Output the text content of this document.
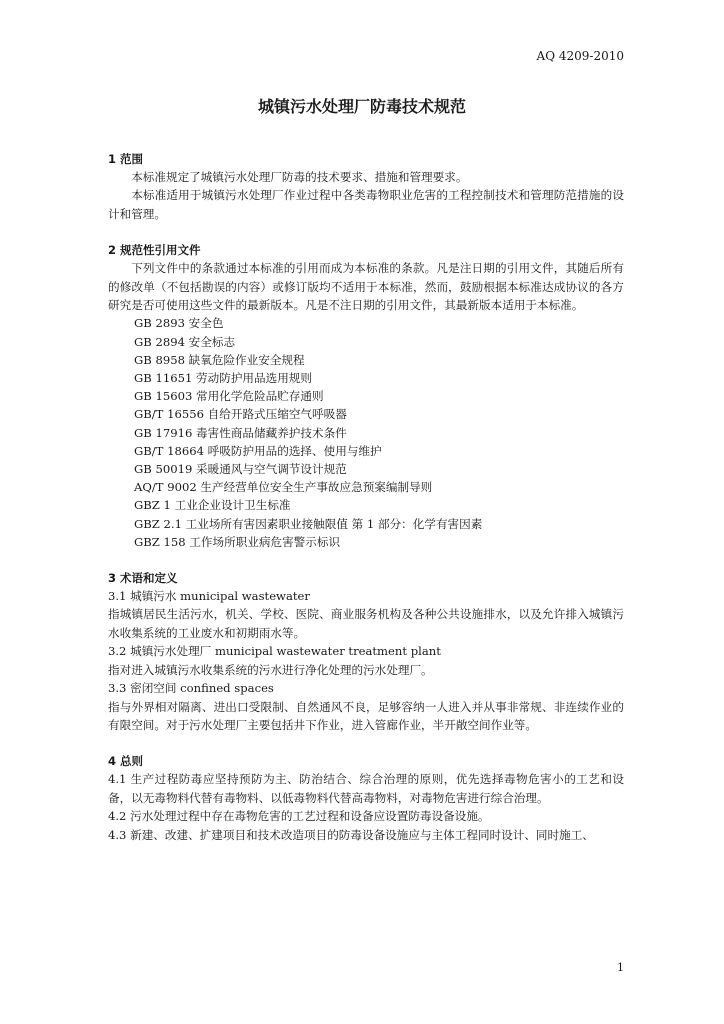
AQ 4209-2010
城镇污水处理厂防毒技术规范

1 范围

本标准规定了城镇污水处理厂防毒的技术要求、措施和管理要求。

本标准适用于城镇污水处理厂作业过程中各类毒物职业危害的工程控制技术和管理防范措施的设计和管理。

2 规范性引用文件

下列文件中的条款通过本标准的引用而成为本标准的条款。凡是注日期的引用文件，其随后所有的修改单（不包括勘误的内容）或修订版均不适用于本标准，然而，鼓励根据本标准达成协议的各方研究是否可使用这些文件的最新版本。凡是不注日期的引用文件，其最新版本适用于本标准。

GB 2893 安全色

GB 2894 安全标志

GB 8958 缺氧危险作业安全规程

GB 11651 劳动防护用品选用规则

GB 15603 常用化学危险品贮存通则

GB/T 16556 自给开路式压缩空气呼吸器

GB 17916 毒害性商品储藏养护技术条件

GB/T 18664 呼吸防护用品的选择、使用与维护

GB 50019 采暖通风与空气调节设计规范

AQ/T 9002 生产经营单位安全生产事故应急预案编制导则

GBZ 1 工业企业设计卫生标准

GBZ 2.1 工业场所有害因素职业接触限值 第 1 部分：化学有害因素

GBZ 158 工作场所职业病危害警示标识

3 术语和定义

3.1 城镇污水 municipal wastewater

指城镇居民生活污水，机关、学校、医院、商业服务机构及各种公共设施排水，以及允许排入城镇污水收集系统的工业废水和初期雨水等。

3.2 城镇污水处理厂 municipal wastewater treatment plant

指对进入城镇污水收集系统的污水进行净化处理的污水处理厂。

3.3 密闭空间 confined spaces

指与外界相对隔离、进出口受限制、自然通风不良，足够容纳一人进入并从事非常规、非连续作业的有限空间。对于污水处理厂主要包括井下作业，进入管廊作业，半开敞空间作业等。

4 总则

4.1 生产过程防毒应坚持预防为主、防治结合、综合治理的原则，优先选择毒物危害小的工艺和设备，以无毒物料代替有毒物料、以低毒物料代替高毒物料，对毒物危害进行综合治理。

4.2 污水处理过程中存在毒物危害的工艺过程和设备应设置防毒设备设施。

4.3 新建、改建、扩建项目和技术改造项目的防毒设备设施应与主体工程同时设计、同时施工、

1
